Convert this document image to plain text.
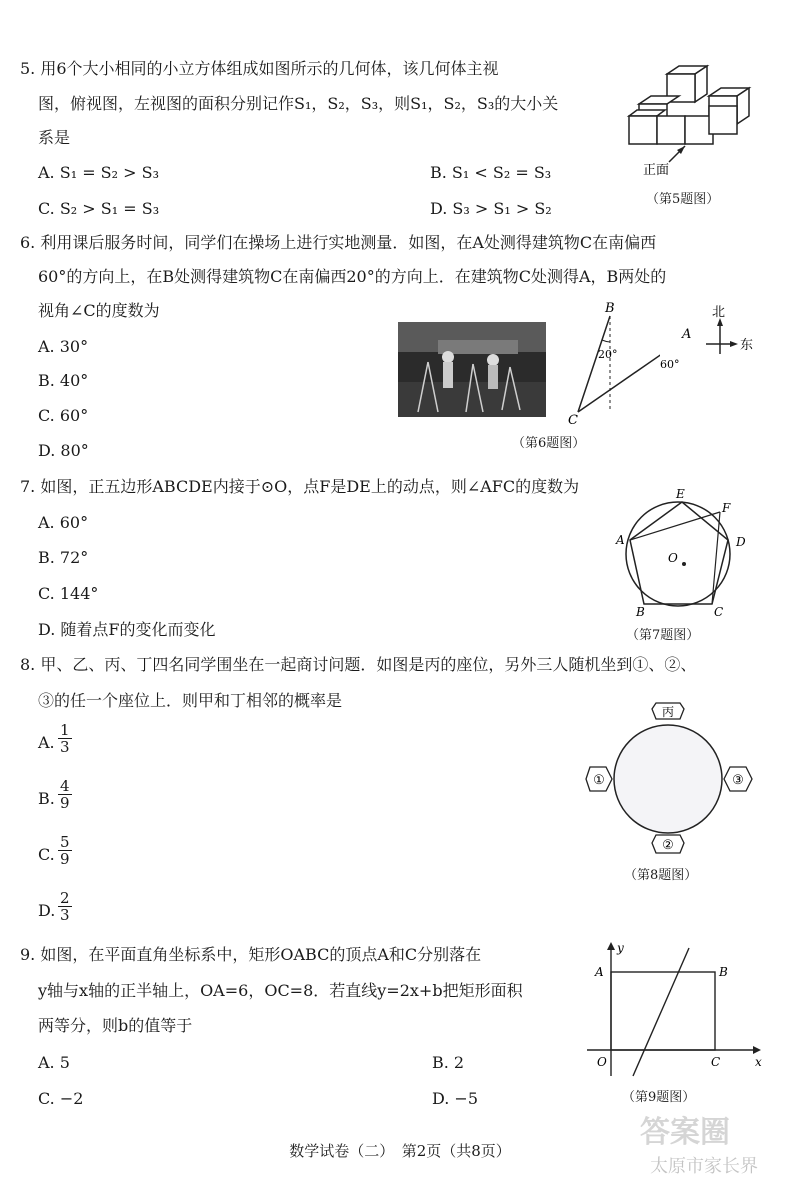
5. 用6个大小相同的小立方体组成如图所示的几何体，该几何体主视
图，俯视图，左视图的面积分别记作S₁，S₂，S₃，则S₁，S₂，S₃的大小关
系是
A. S₁ = S₂ > S₃	B. S₁ < S₂ = S₃
C. S₂ > S₁ = S₃	D. S₃ > S₁ > S₂
正面
（第5题图）
6. 利用课后服务时间，同学们在操场上进行实地测量．如图，在A处测得建筑物C在南偏西
60°的方向上，在B处测得建筑物C在南偏西20°的方向上．在建筑物C处测得A，B两处的
视角∠C的度数为
A. 30°
B. 40°
C. 60°
D. 80°
B
C
20°
A
60°
北
东
（第6题图）
7. 如图，正五边形ABCDE内接于⊙O，点F是DE上的动点，则∠AFC的度数为
A. 60°
B. 72°
C. 144°
D. 随着点F的变化而变化
E
F
A	D
O
B	C
（第7题图）
8. 甲、乙、丙、丁四名同学围坐在一起商讨问题．如图是丙的座位，另外三人随机坐到①、②、
③的任一个座位上．则甲和丁相邻的概率是
A. $\frac{1}{3}$
B. $\frac{4}{9}$
C. $\frac{5}{9}$
D. $\frac{2}{3}$
丙
①	③
②
（第8题图）
9. 如图，在平面直角坐标系中，矩形OABC的顶点A和C分别落在
y轴与x轴的正半轴上，OA=6，OC=8．若直线y=2x+b把矩形面积
两等分，则b的值等于
A. 5	B. 2
C. −2	D. −5
y
x
A	B
O	C
（第9题图）
数学试卷（二）　第2页（共8页）
答案圈
太原市家长界
